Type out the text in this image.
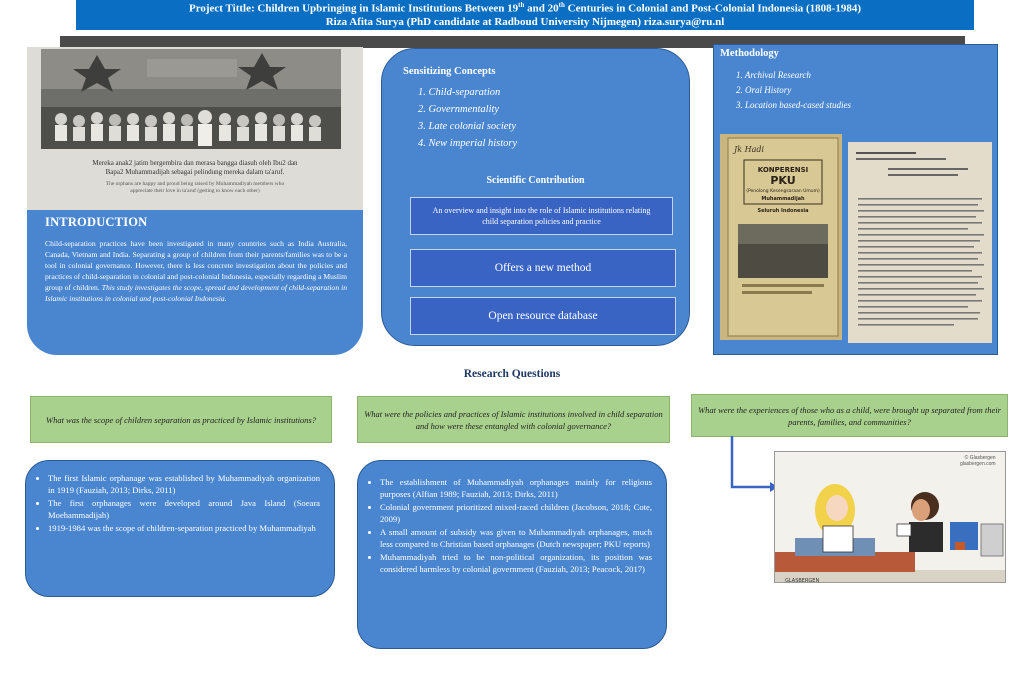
Project Tittle: Children Upbringing in Islamic Institutions Between 19th and 20th Centuries in Colonial and Post-Colonial Indonesia (1808-1984)
Riza Afita Surya (PhD candidate at Radboud University Nijmegen) riza.surya@ru.nl
Mereka anak2 jatim bergembira dan merasa bangga diasuh oleh Ibu2 dan
Bapa2 Muhammadijah sebagai pelindung mereka dalam ta'aruf.
The orphans are happy and proud being raised by Muhammadiyah members who
appreciate their love in ta'aruf (getting to know each other)
INTRODUCTION

Child-separation practices have been investigated in many countries such as India Australia, Canada, Vietnam and India. Separating a group of children from their parents/families was to be a tool in colonial governance. However, there is less concrete investigation about the policies and practices of child-separation in colonial and post-colonial Indonesia, especially regarding a Muslim group of children. This study investigates the scope, spread and development of child-separation in Islamic institutions in colonial and post-colonial Indonesia.

Sensitizing Concepts
1. Child-separation
2. Governmentality
3. Late colonial society
4. New imperial history
Scientific Contribution
An overview and insight into the role of Islamic institutions relating child separation policies and practice
Offers a new method
Open resource database
Methodology
1. Archival Research
2. Oral History
3. Location based-cased studies
Jk Hadi
KONPERENSI
PKU
(Penolong Kesengsaraan Umum)
Muhammadijah
Seluruh Indonesia
Research Questions
What was the scope of children separation as practiced by Islamic institutions?
What were the policies and practices of Islamic institutions involved in child separation and how were these entangled with colonial governance?
What were the experiences of those who as a child, were brought up separated from their parents, families, and communities?
• The first Islamic orphanage was established by Muhammadiyah organization in 1919 (Fauziah, 2013; Dirks, 2011)
• The first orphanages were developed around Java Island (Soeara Moehammadijah)
• 1919-1984 was the scope of children-separation practiced by Muhammadiyah
• The establishment of Muhammadiyah orphanages mainly for religious purposes (Alfian 1989; Fauziah, 2013; Dirks, 2011)
• Colonial government prioritized mixed-raced children (Jacobson, 2018; Cote, 2009)
• A small amount of subsidy was given to Muhammadiyah orphanages, much less compared to Christian based orphanages (Dutch newspaper; PKU reports)
• Muhammadiyah tried to be non-political organization, its position was considered harmless by colonial government (Fauziah, 2013; Peacock, 2017)
GLASBERGEN
© Glasbergen
glasbergen.com
